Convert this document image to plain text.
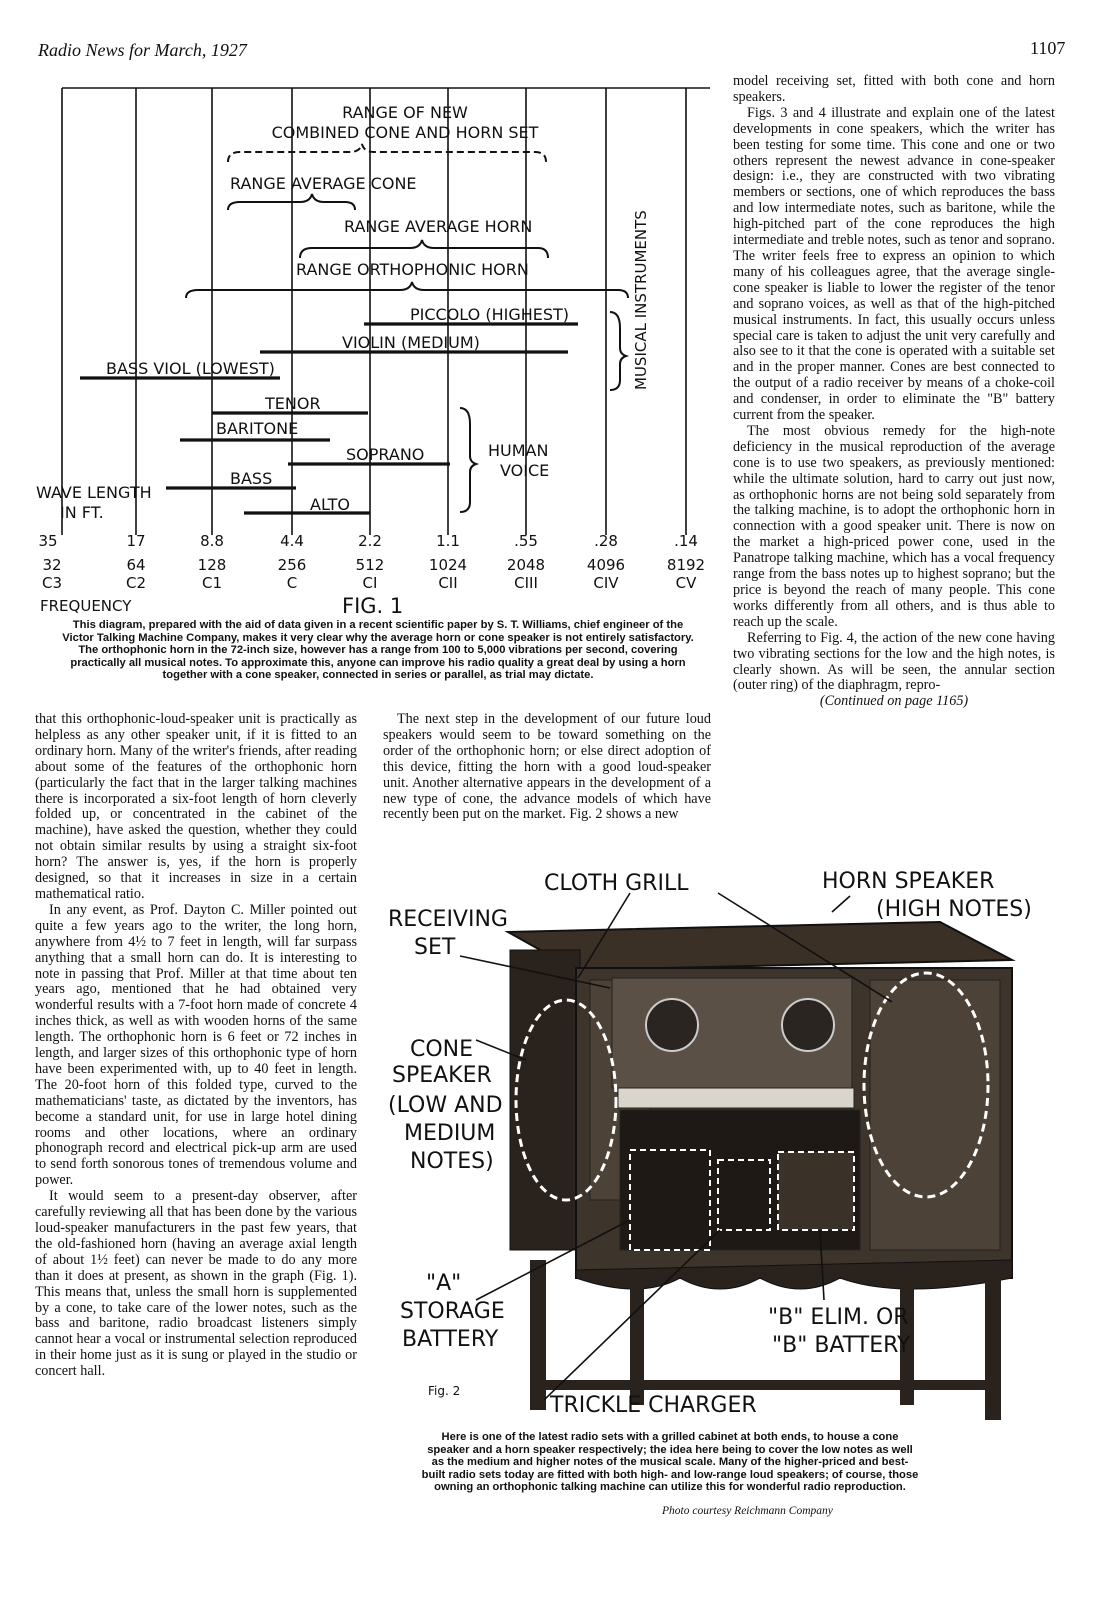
Radio News for March, 1927	1107
RANGE OF NEW
COMBINED CONE AND HORN SET
RANGE AVERAGE CONE
RANGE AVERAGE HORN
RANGE ORTHOPHONIC HORN
PICCOLO (HIGHEST)
VIOLIN (MEDIUM)
BASS VIOL (LOWEST)
TENOR
BARITONE
SOPRANO
BASS
ALTO
HUMAN
VOICE
MUSICAL INSTRUMENTS
WAVE LENGTH
IN FT.
35	17	8.8	4.4	2.2	1.1	.55	.28	.14
32	64	128	256	512	1024	2048	4096	8192
C3	C2	C1	C	CI	CII	CIII	CIV	CV
FREQUENCY	FIG. 1
This diagram, prepared with the aid of data given in a recent scientific paper by S. T. Williams, chief engineer of the Victor Talking Machine Company, makes it very clear why the average horn or cone speaker is not entirely satisfactory. The orthophonic horn in the 72-inch size, however has a range from 100 to 5,000 vibrations per second, covering practically all musical notes. To approximate this, anyone can improve his radio quality a great deal by using a horn together with a cone speaker, connected in series or parallel, as trial may dictate.

model receiving set, fitted with both cone and horn speakers.

Figs. 3 and 4 illustrate and explain one of the latest developments in cone speakers, which the writer has been testing for some time. This cone and one or two others represent the newest advance in cone-speaker design: i.e., they are constructed with two vibrating members or sections, one of which reproduces the bass and low intermediate notes, such as baritone, while the high-pitched part of the cone reproduces the high intermediate and treble notes, such as tenor and soprano. The writer feels free to express an opinion to which many of his colleagues agree, that the average single-cone speaker is liable to lower the register of the tenor and soprano voices, as well as that of the high-pitched musical instruments. In fact, this usually occurs unless special care is taken to adjust the unit very carefully and also see to it that the cone is operated with a suitable set and in the proper manner. Cones are best connected to the output of a radio receiver by means of a choke-coil and condenser, in order to eliminate the "B" battery current from the speaker.

The most obvious remedy for the high-note deficiency in the musical reproduction of the average cone is to use two speakers, as previously mentioned: while the ultimate solution, hard to carry out just now, as orthophonic horns are not being sold separately from the talking machine, is to adopt the orthophonic horn in connection with a good speaker unit. There is now on the market a high-priced power cone, used in the Panatrope talking machine, which has a vocal frequency range from the bass notes up to highest soprano; but the price is beyond the reach of many people. This cone works differently from all others, and is thus able to reach up the scale.

Referring to Fig. 4, the action of the new cone having two vibrating sections for the low and the high notes, is clearly shown. As will be seen, the annular section (outer ring) of the diaphragm, repro-

(Continued on page 1165)

that this orthophonic-loud-speaker unit is practically as helpless as any other speaker unit, if it is fitted to an ordinary horn. Many of the writer's friends, after reading about some of the features of the orthophonic horn (particularly the fact that in the larger talking machines there is incorporated a six-foot length of horn cleverly folded up, or concentrated in the cabinet of the machine), have asked the question, whether they could not obtain similar results by using a straight six-foot horn? The answer is, yes, if the horn is properly designed, so that it increases in size in a certain mathematical ratio.

In any event, as Prof. Dayton C. Miller pointed out quite a few years ago to the writer, the long horn, anywhere from 4½ to 7 feet in length, will far surpass anything that a small horn can do. It is interesting to note in passing that Prof. Miller at that time about ten years ago, mentioned that he had obtained very wonderful results with a 7-foot horn made of concrete 4 inches thick, as well as with wooden horns of the same length. The orthophonic horn is 6 feet or 72 inches in length, and larger sizes of this orthophonic type of horn have been experimented with, up to 40 feet in length. The 20-foot horn of this folded type, curved to the mathematicians' taste, as dictated by the inventors, has become a standard unit, for use in large hotel dining rooms and other locations, where an ordinary phonograph record and electrical pick-up arm are used to send forth sonorous tones of tremendous volume and power.

It would seem to a present-day observer, after carefully reviewing all that has been done by the various loud-speaker manufacturers in the past few years, that the old-fashioned horn (having an average axial length of about 1½ feet) can never be made to do any more than it does at present, as shown in the graph (Fig. 1). This means that, unless the small horn is supplemented by a cone, to take care of the lower notes, such as the bass and baritone, radio broadcast listeners simply cannot hear a vocal or instrumental selection reproduced in their home just as it is sung or played in the studio or concert hall.

The next step in the development of our future loud speakers would seem to be toward something on the order of the orthophonic horn; or else direct adoption of this device, fitting the horn with a good loud-speaker unit. Another alternative appears in the development of a new type of cone, the advance models of which have recently been put on the market. Fig. 2 shows a new

CLOTH GRILL	HORN SPEAKER
(HIGH NOTES)
RECEIVING
SET
CONE
SPEAKER
(LOW AND
MEDIUM
NOTES)
"A"
STORAGE
BATTERY
"B" ELIM. OR
"B" BATTERY
TRICKLE CHARGER
Fig. 2
Here is one of the latest radio sets with a grilled cabinet at both ends, to house a cone speaker and a horn speaker respectively; the idea here being to cover the low notes as well as the medium and higher notes of the musical scale. Many of the higher-priced and best-built radio sets today are fitted with both high- and low-range loud speakers; of course, those owning an orthophonic talking machine can utilize this for wonderful radio reproduction.
Photo courtesy Reichmann Company
